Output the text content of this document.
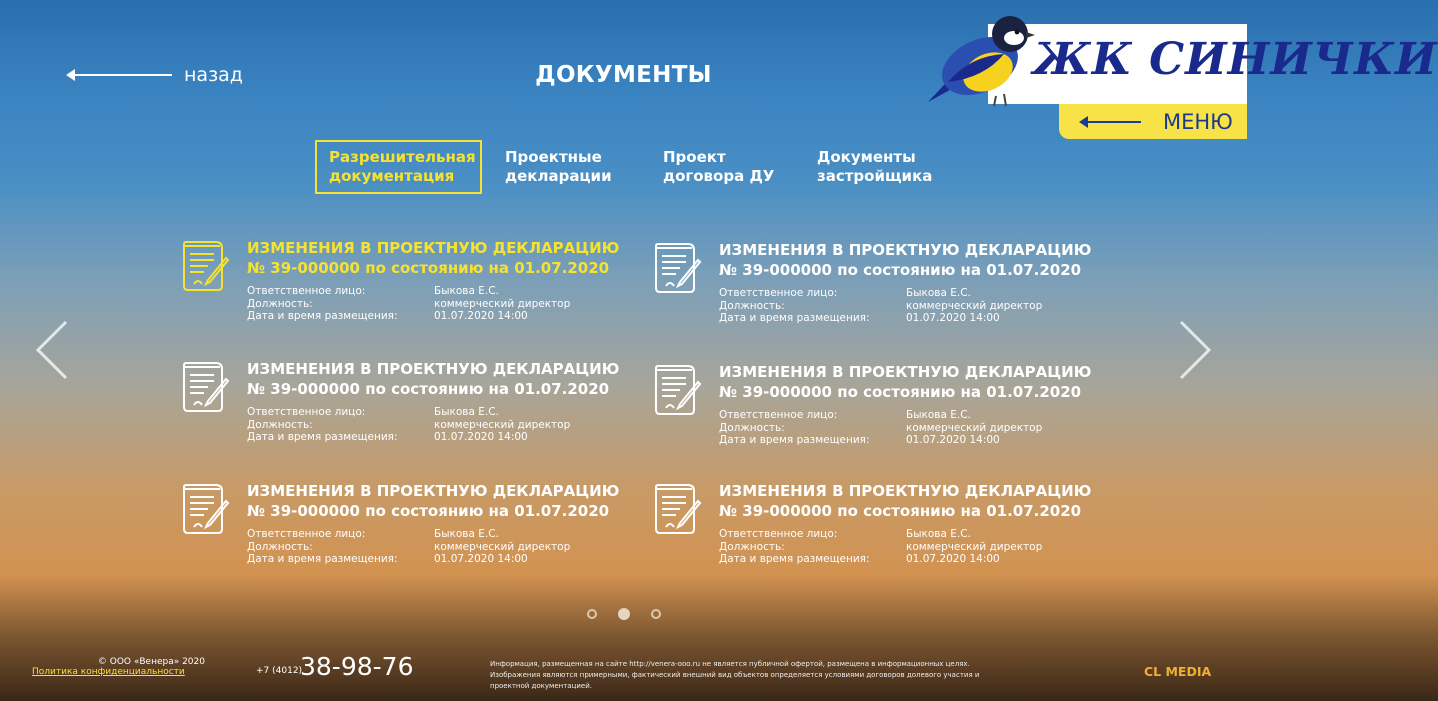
назад	ДОКУМЕНТЫ	ЖК СИНИЧКИ
МЕНЮ
Разрешительная
документация
Проектные
декларации
Проект
договора ДУ
Документы
застройщика
ИЗМЕНЕНИЯ В ПРОЕКТНУЮ ДЕКЛАРАЦИЮ
№ 39-000000 по состоянию на 01.07.2020
Ответственное лицо:	Быкова Е.С.
Должность:	коммерческий директор
Дата и время размещения:	01.07.2020 14:00
ИЗМЕНЕНИЯ В ПРОЕКТНУЮ ДЕКЛАРАЦИЮ
№ 39-000000 по состоянию на 01.07.2020
Ответственное лицо:	Быкова Е.С.
Должность:	коммерческий директор
Дата и время размещения:	01.07.2020 14:00
ИЗМЕНЕНИЯ В ПРОЕКТНУЮ ДЕКЛАРАЦИЮ
№ 39-000000 по состоянию на 01.07.2020
Ответственное лицо:	Быкова Е.С.
Должность:	коммерческий директор
Дата и время размещения:	01.07.2020 14:00
ИЗМЕНЕНИЯ В ПРОЕКТНУЮ ДЕКЛАРАЦИЮ
№ 39-000000 по состоянию на 01.07.2020
Ответственное лицо:	Быкова Е.С.
Должность:	коммерческий директор
Дата и время размещения:	01.07.2020 14:00
ИЗМЕНЕНИЯ В ПРОЕКТНУЮ ДЕКЛАРАЦИЮ
№ 39-000000 по состоянию на 01.07.2020
Ответственное лицо:	Быкова Е.С.
Должность:	коммерческий директор
Дата и время размещения:	01.07.2020 14:00
ИЗМЕНЕНИЯ В ПРОЕКТНУЮ ДЕКЛАРАЦИЮ
№ 39-000000 по состоянию на 01.07.2020
Ответственное лицо:	Быкова Е.С.
Должность:	коммерческий директор
Дата и время размещения:	01.07.2020 14:00
© ООО «Венера» 2020
Политика конфиденциальности	+7 (4012)
38-98-76	Информация, размещенная на сайте http://venera-ooo.ru не является публичной офертой, размещена в информационных целях. Изображения являются примерными, фактический внешний вид объектов определяется условиями договоров долевого участия и проектной документацией.
CL MEDIA
